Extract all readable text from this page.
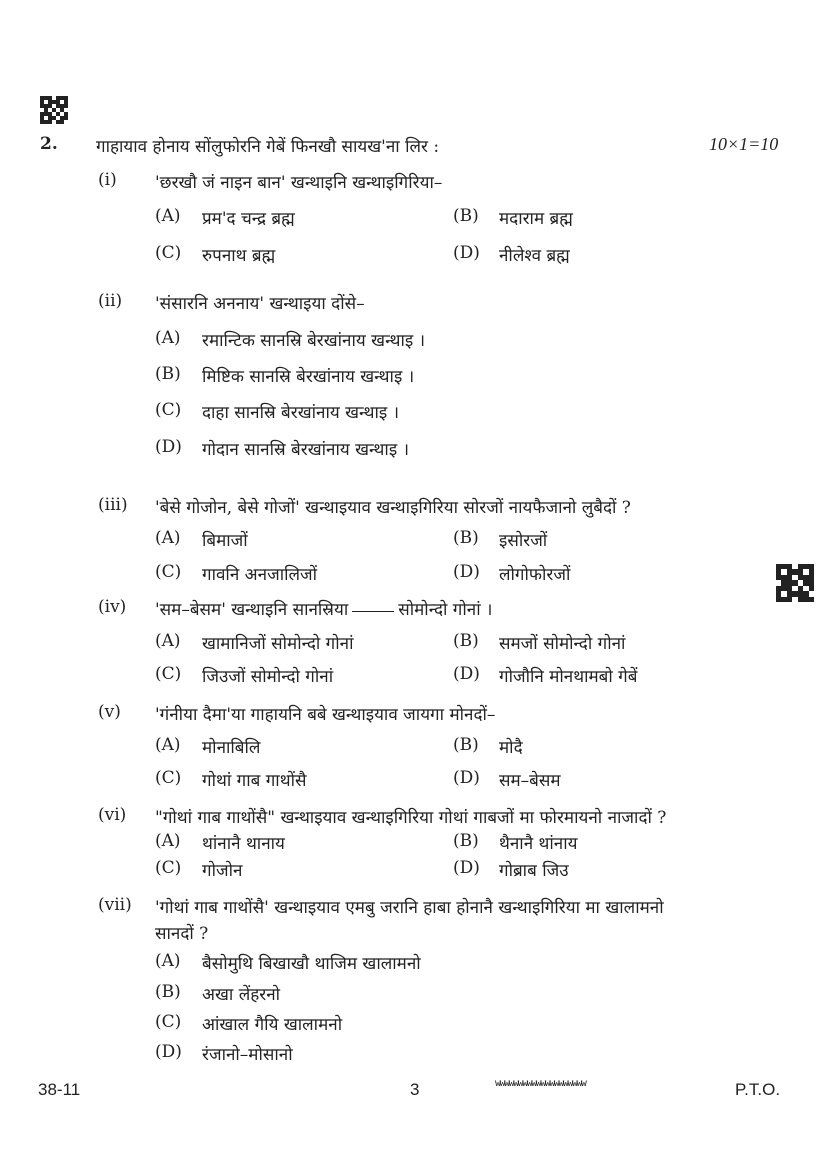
2. गाहायाव होनाय सोंलुफोरनि गेबें फिनखौ सायख'ना लिर :	10×1=10
(i) 'छरखौ जं नाइन बान' खन्थाइनि खन्थाइगिरिया–
(A) प्रम'द चन्द्र ब्रह्म	(B) मदाराम ब्रह्म
(C) रुपनाथ ब्रह्म	(D) नीलेश्व ब्रह्म
(ii) 'संसारनि अननाय' खन्थाइया दोंसे–
(A) रमान्टिक सानस्रि बेरखांनाय खन्थाइ ।
(B) मिष्टिक सानस्रि बेरखांनाय खन्थाइ ।
(C) दाहा सानस्रि बेरखांनाय खन्थाइ ।
(D) गोदान सानस्रि बेरखांनाय खन्थाइ ।
(iii) 'बेसे गोजोन, बेसे गोजों' खन्थाइयाव खन्थाइगिरिया सोरजों नायफैजानो लुबैदों ?
(A) बिमाजों	(B) इसोरजों
(C) गावनि अनजालिजों	(D) लोगोफोरजों
(iv) 'सम–बेसम' खन्थाइनि सानस्रिया	सोमोन्दो गोनां ।
(A) खामानिजों सोमोन्दो गोनां	(B) समजों सोमोन्दो गोनां
(C) जिउजों सोमोन्दो गोनां	(D) गोजौनि मोनथामबो गेबें
(v) 'गंनीया दैमा'या गाहायनि बबे खन्थाइयाव जायगा मोनदों–
(A) मोनाबिलि	(B) मोदै
(C) गोथां गाब गाथोंसै	(D) सम–बेसम
(vi) "गोथां गाब गाथोंसै" खन्थाइयाव खन्थाइगिरिया गोथां गाबजों मा फोरमायनो नाजादों ?
(A) थांनानै थानाय	(B) थैनानै थांनाय
(C) गोजोन	(D) गोब्राब जिउ
(vii) 'गोथां गाब गाथोंसै' खन्थाइयाव एमबु जरानि हाबा होनानै खन्थाइगिरिया मा खालामनो
सानदों ?
(A) बैसोमुथि बिखाखौ थाजिम खालामनो
(B) अखा लेंहरनो
(C) आंखाल गैयि खालामनो
(D) रंजानो–मोसानो
38-11	3	wwwwwwwwwwwwwwwwwwww	P.T.O.
